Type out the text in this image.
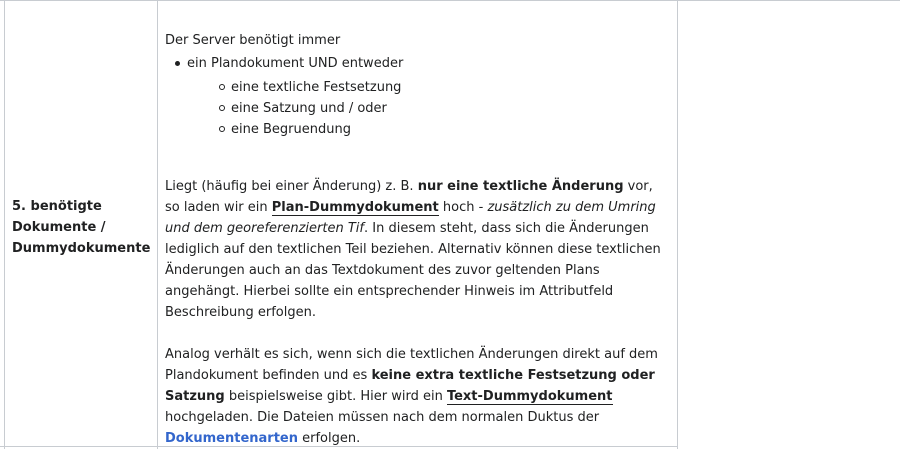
5. benötigte
Dokumente /
Dummydokumente

Der Server benötigt immer

ein Plandokument UND entweder
eine textliche Festsetzung
eine Satzung und / oder
eine Begruendung

Liegt (häufig bei einer Änderung) z. B. nur eine textliche Änderung vor, so laden wir ein Plan-Dummydokument hoch - zusätzlich zu dem Umring und dem georeferenzierten Tif. In diesem steht, dass sich die Änderungen lediglich auf den textlichen Teil beziehen. Alternativ können diese textlichen Änderungen auch an das Textdokument des zuvor geltenden Plans angehängt. Hierbei sollte ein entsprechender Hinweis im Attributfeld Beschreibung erfolgen.

Analog verhält es sich, wenn sich die textlichen Änderungen direkt auf dem Plandokument befinden und es keine extra textliche Festsetzung oder Satzung beispielsweise gibt. Hier wird ein Text-Dummydokument hochgeladen. Die Dateien müssen nach dem normalen Duktus der Dokumentenarten erfolgen.
